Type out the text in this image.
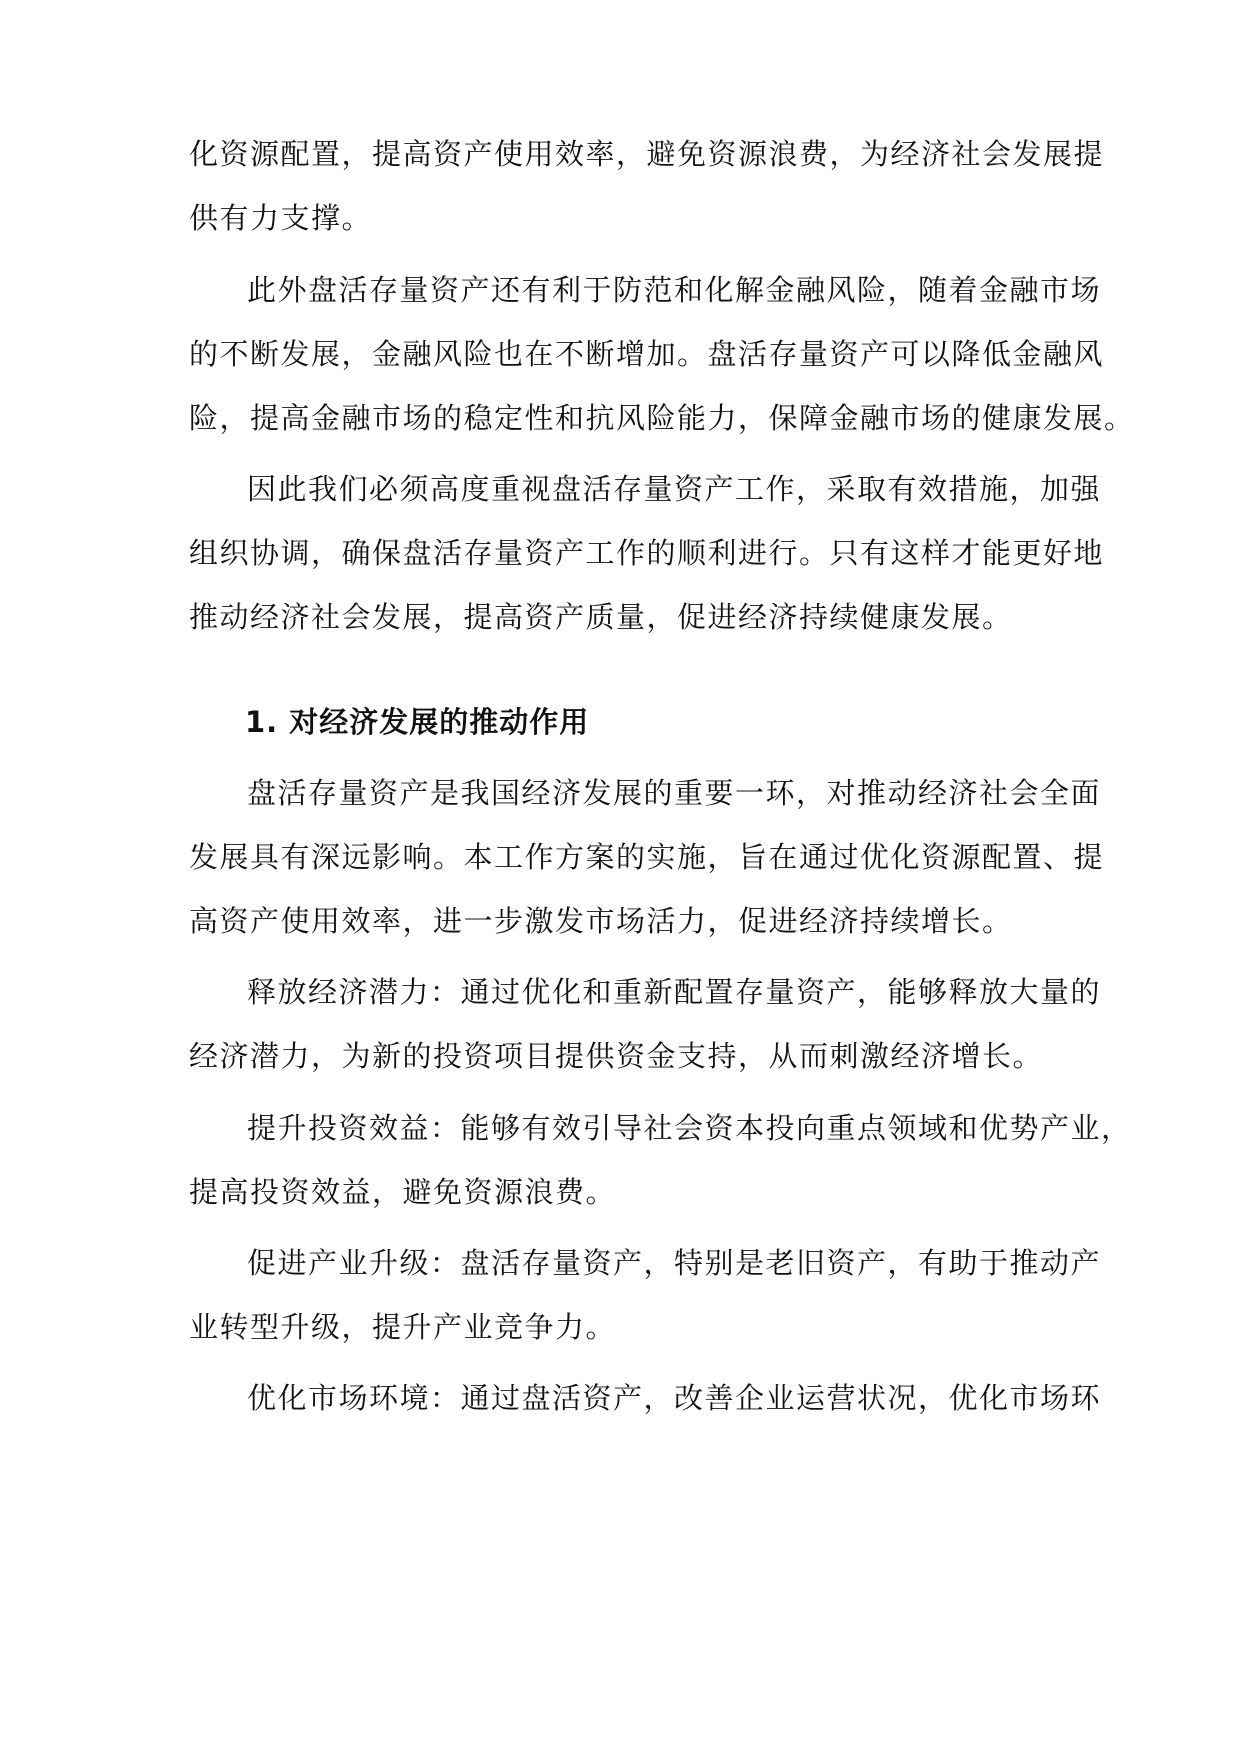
化资源配置，提高资产使用效率，避免资源浪费，为经济社会发展提
供有力支撑。
此外盘活存量资产还有利于防范和化解金融风险，随着金融市场
的不断发展，金融风险也在不断增加。盘活存量资产可以降低金融风
险，提高金融市场的稳定性和抗风险能力，保障金融市场的健康发展。
因此我们必须高度重视盘活存量资产工作，采取有效措施，加强
组织协调，确保盘活存量资产工作的顺利进行。只有这样才能更好地
推动经济社会发展，提高资产质量，促进经济持续健康发展。
1. 对经济发展的推动作用
盘活存量资产是我国经济发展的重要一环，对推动经济社会全面
发展具有深远影响。本工作方案的实施，旨在通过优化资源配置、提
高资产使用效率，进一步激发市场活力，促进经济持续增长。
释放经济潜力：通过优化和重新配置存量资产，能够释放大量的
经济潜力，为新的投资项目提供资金支持，从而刺激经济增长。
提升投资效益：能够有效引导社会资本投向重点领域和优势产业，
提高投资效益，避免资源浪费。
促进产业升级：盘活存量资产，特别是老旧资产，有助于推动产
业转型升级，提升产业竞争力。
优化市场环境：通过盘活资产，改善企业运营状况，优化市场环
